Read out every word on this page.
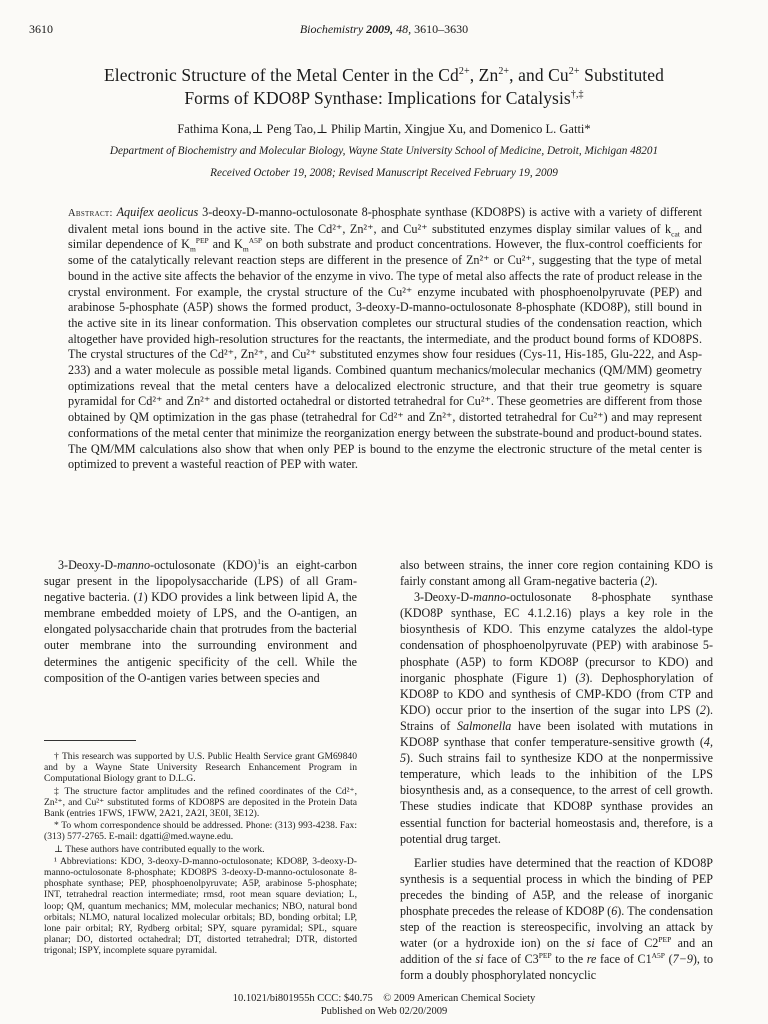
3610	Biochemistry 2009, 48, 3610–3630
Electronic Structure of the Metal Center in the $Cd^{2+}$, $Zn^{2+}$, and $Cu^{2+}$ Substituted
Forms of KDO8P Synthase: Implications for Catalysis†,‡
Fathima Kona,⊥ Peng Tao,⊥ Philip Martin, Xingjue Xu, and Domenico L. Gatti*
Department of Biochemistry and Molecular Biology, Wayne State University School of Medicine, Detroit, Michigan 48201
Received October 19, 2008; Revised Manuscript Received February 19, 2009

Abstract: Aquifex aeolicus 3-deoxy-D-manno-octulosonate 8-phosphate synthase (KDO8PS) is active with a variety of different divalent metal ions bound in the active site. The Cd²⁺, Zn²⁺, and Cu²⁺ substituted enzymes display similar values of $k_{cat}$ and similar dependence of $K_m^{PEP}$ and $K_m^{A5P}$ on both substrate and product concentrations. However, the flux-control coefficients for some of the catalytically relevant reaction steps are different in the presence of Zn²⁺ or Cu²⁺, suggesting that the type of metal bound in the active site affects the behavior of the enzyme in vivo. The type of metal also affects the rate of product release in the crystal environment. For example, the crystal structure of the Cu²⁺ enzyme incubated with phosphoenolpyruvate (PEP) and arabinose 5-phosphate (A5P) shows the formed product, 3-deoxy-D-manno-octulosonate 8-phosphate (KDO8P), still bound in the active site in its linear conformation. This observation completes our structural studies of the condensation reaction, which altogether have provided high-resolution structures for the reactants, the intermediate, and the product bound forms of KDO8PS. The crystal structures of the Cd²⁺, Zn²⁺, and Cu²⁺ substituted enzymes show four residues (Cys-11, His-185, Glu-222, and Asp-233) and a water molecule as possible metal ligands. Combined quantum mechanics/molecular mechanics (QM/MM) geometry optimizations reveal that the metal centers have a delocalized electronic structure, and that their true geometry is square pyramidal for Cd²⁺ and Zn²⁺ and distorted octahedral or distorted tetrahedral for Cu²⁺. These geometries are different from those obtained by QM optimization in the gas phase (tetrahedral for Cd²⁺ and Zn²⁺, distorted tetrahedral for Cu²⁺) and may represent conformations of the metal center that minimize the reorganization energy between the substrate-bound and product-bound states. The QM/MM calculations also show that when only PEP is bound to the enzyme the electronic structure of the metal center is optimized to prevent a wasteful reaction of PEP with water.

3-Deoxy-D-manno-octulosonate (KDO)$^1$is an eight-carbon sugar present in the lipopolysaccharide (LPS) of all Gram-negative bacteria. (1) KDO provides a link between lipid A, the membrane embedded moiety of LPS, and the O-antigen, an elongated polysaccharide chain that protrudes from the bacterial outer membrane into the surrounding environment and determines the antigenic specificity of the cell. While the composition of the O-antigen varies between species and

† This research was supported by U.S. Public Health Service grant GM69840 and by a Wayne State University Research Enhancement Program in Computational Biology grant to D.L.G.

‡ The structure factor amplitudes and the refined coordinates of the Cd²⁺, Zn²⁺, and Cu²⁺ substituted forms of KDO8PS are deposited in the Protein Data Bank (entries 1FWS, 1FWW, 2A21, 2A2I, 3E0I, 3E12).

* To whom correspondence should be addressed. Phone: (313) 993-4238. Fax: (313) 577-2765. E-mail: dgatti@med.wayne.edu.

⊥ These authors have contributed equally to the work.

¹ Abbreviations: KDO, 3-deoxy-D-manno-octulosonate; KDO8P, 3-deoxy-D-manno-octulosonate 8-phosphate; KDO8PS 3-deoxy-D-manno-octulosonate 8-phosphate synthase; PEP, phosphoenolpyruvate; A5P, arabinose 5-phosphate; INT, tetrahedral reaction intermediate; rmsd, root mean square deviation; L, loop; QM, quantum mechanics; MM, molecular mechanics; NBO, natural bond orbitals; NLMO, natural localized molecular orbitals; BD, bonding orbital; LP, lone pair orbital; RY, Rydberg orbital; SPY, square pyramidal; SPL, square planar; DO, distorted octahedral; DT, distorted tetrahedral; DTR, distorted trigonal; ISPY, incomplete square pyramidal.

also between strains, the inner core region containing KDO is fairly constant among all Gram-negative bacteria (2).

3-Deoxy-D-manno-octulosonate 8-phosphate synthase (KDO8P synthase, EC 4.1.2.16) plays a key role in the biosynthesis of KDO. This enzyme catalyzes the aldol-type condensation of phosphoenolpyruvate (PEP) with arabinose 5-phosphate (A5P) to form KDO8P (precursor to KDO) and inorganic phosphate (Figure 1) (3). Dephosphorylation of KDO8P to KDO and synthesis of CMP-KDO (from CTP and KDO) occur prior to the insertion of the sugar into LPS (2). Strains of Salmonella have been isolated with mutations in KDO8P synthase that confer temperature-sensitive growth (4, 5). Such strains fail to synthesize KDO at the nonpermissive temperature, which leads to the inhibition of the LPS biosynthesis and, as a consequence, to the arrest of cell growth. These studies indicate that KDO8P synthase provides an essential function for bacterial homeostasis and, therefore, is a potential drug target.

Earlier studies have determined that the reaction of KDO8P synthesis is a sequential process in which the binding of PEP precedes the binding of A5P, and the release of inorganic phosphate precedes the release of KDO8P (6). The condensation step of the reaction is stereospecific, involving an attack by water (or a hydroxide ion) on the si face of $C2^{PEP}$ and an addition of the si face of $C3^{PEP}$ to the re face of $C1^{A5P}$ (7−9), to form a doubly phosphorylated noncyclic

10.1021/bi801955h CCC: $40.75    © 2009 American Chemical Society
Published on Web 02/20/2009
